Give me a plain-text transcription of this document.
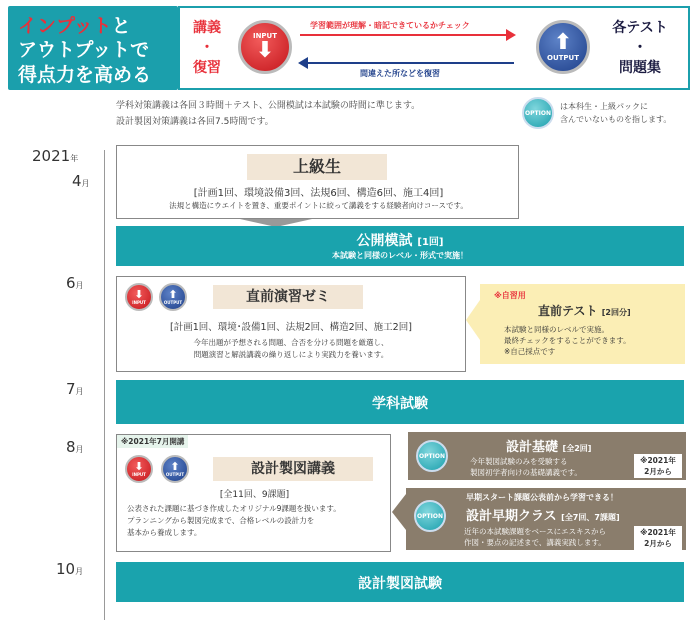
インプットと
アウトプットで
得点力を高める
講義
・
復習
INPUT
⬇
学習範囲が理解・暗記できているかチェック
間違えた所などを復習
⬆
OUTPUT
各テスト
・
問題集
学科対策講義は各回３時間＋テスト、公開模試は本試験の時間に準じます。
設計製図対策講義は各回7.5時間です。
OPTION
は本科生・上級パックに
含んでいないものを指します。
2021年
4月
6月
7月
8月
10月
上級生
[計画1回、環境設備3回、法規6回、構造6回、施工4回]
法規と構造にウエイトを置き、重要ポイントに絞って講義をする経験者向けコースです。
公開模試 [1回]
本試験と同様のレベル・形式で実施！
⬇
INPUT
⬆
OUTPUT	直前演習ゼミ
[計画1回、環境･設備1回、法規2回、構造2回、施工2回]
今年出題が予想される問題、合否を分ける問題を厳選し、
問題演習と解説講義の繰り返しにより実践力を養います。
※自習用
直前テスト [2回分]
本試験と同様のレベルで実施。
最終チェックをすることができます。
※自己採点です
学科試験
※2021年7月開講
⬇
INPUT
⬆
OUTPUT	設計製図講義
[全11回、9課題]
公表された課題に基づき作成したオリジナル9課題を扱います。
プランニングから製図完成まで、合格レベルの設計力を
基本から養成します。
OPTION
設計基礎 [全2回]
今年製図試験のみを受験する
製図初学者向けの基礎講義です。
※2021年
2月から
早期スタート課題公表前から学習できる！
OPTION 設計早期クラス [全7回、7課題]
近年の本試験課題をベースにエスキスから
作図・要点の記述まで、講義実践します。
※2021年
2月から
設計製図試験
